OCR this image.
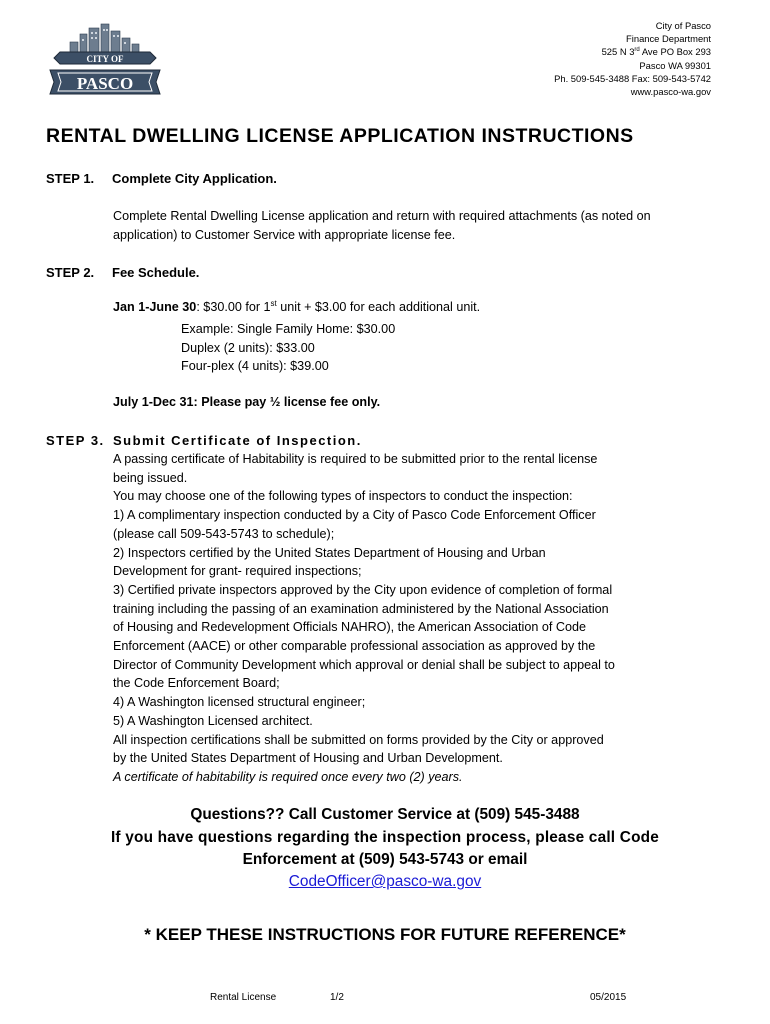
CITY OF
PASCO
City of Pasco
Finance Department
525 N 3rd Ave PO Box 293
Pasco WA 99301
Ph. 509-545-3488 Fax: 509-543-5742
www.pasco-wa.gov
RENTAL DWELLING LICENSE APPLICATION INSTRUCTIONS
STEP 1. Complete City Application.
Complete Rental Dwelling License application and return with required attachments (as noted on application) to Customer Service with appropriate license fee.
STEP 2. Fee Schedule.
Jan 1-June 30: $30.00 for 1st unit + $3.00 for each additional unit.
Example: Single Family Home: $30.00
Duplex (2 units): $33.00
Four-plex (4 units): $39.00
July 1-Dec 31: Please pay ½ license fee only.
STEP 3. Submit Certificate of Inspection.
A passing certificate of Habitability is required to be submitted prior to the rental license
being issued.
You may choose one of the following types of inspectors to conduct the inspection:
1) A complimentary inspection conducted by a City of Pasco Code Enforcement Officer
(please call 509-543-5743 to schedule);
2) Inspectors certified by the United States Department of Housing and Urban
Development for grant- required inspections;
3) Certified private inspectors approved by the City upon evidence of completion of formal
training including the passing of an examination administered by the National Association
of Housing and Redevelopment Officials NAHRO), the American Association of Code
Enforcement (AACE) or other comparable professional association as approved by the
Director of Community Development which approval or denial shall be subject to appeal to
the Code Enforcement Board;
4) A Washington licensed structural engineer;
5) A Washington Licensed architect.
All inspection certifications shall be submitted on forms provided by the City or approved
by the United States Department of Housing and Urban Development.
A certificate of habitability is required once every two (2) years.
Questions?? Call Customer Service at (509) 545-3488
If you have questions regarding the inspection process, please call Code
Enforcement at (509) 543-5743 or email
CodeOfficer@pasco-wa.gov
* KEEP THESE INSTRUCTIONS FOR FUTURE REFERENCE*
Rental License	1/2	05/2015
